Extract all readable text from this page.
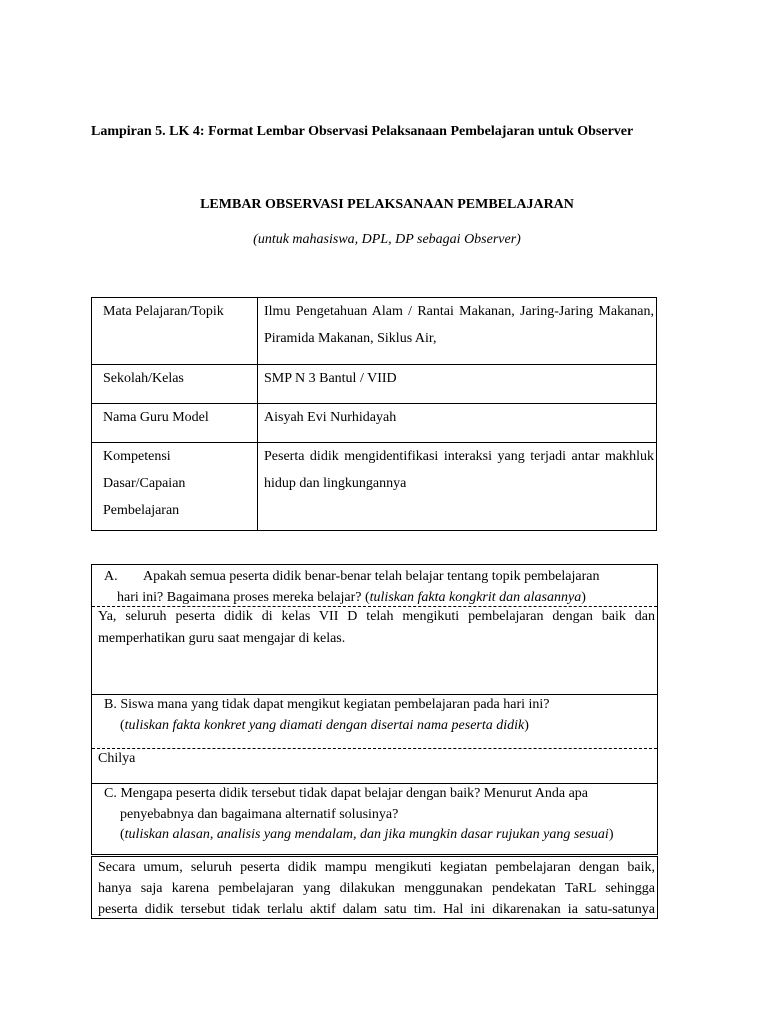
Lampiran 5. LK 4: Format Lembar Observasi Pelaksanaan Pembelajaran untuk Observer
LEMBAR OBSERVASI PELAKSANAAN PEMBELAJARAN
(untuk mahasiswa, DPL, DP sebagai Observer)
Mata Pelajaran/Topik	Ilmu Pengetahuan Alam / Rantai Makanan, Jaring-Jaring Makanan, Piramida Makanan, Siklus Air,
Sekolah/Kelas	SMP N 3 Bantul / VIID
Nama Guru Model	Aisyah Evi Nurhidayah

Kompetensi
Dasar/Capaian
Pembelajaran	Peserta didik mengidentifikasi interaksi yang terjadi antar makhluk hidup dan lingkungannya
A. Apakah semua peserta didik benar-benar telah belajar tentang topik pembelajaran
hari ini? Bagaimana proses mereka belajar? (tuliskan fakta kongkrit dan alasannya)
Ya, seluruh peserta didik di kelas VII D telah mengikuti pembelajaran dengan baik dan memperhatikan guru saat mengajar di kelas.
B. Siswa mana yang tidak dapat mengikut kegiatan pembelajaran pada hari ini?
(tuliskan fakta konkret yang diamati dengan disertai nama peserta didik)
Chilya
C. Mengapa peserta didik tersebut tidak dapat belajar dengan baik? Menurut Anda apa
penyebabnya dan bagaimana alternatif solusinya?
(tuliskan alasan, analisis yang mendalam, dan jika mungkin dasar rujukan yang sesuai)
Secara umum, seluruh peserta didik mampu mengikuti kegiatan pembelajaran dengan baik,
hanya saja karena pembelajaran yang dilakukan menggunakan pendekatan TaRL sehingga
peserta didik tersebut tidak terlalu aktif dalam satu tim. Hal ini dikarenakan ia satu-satunya
